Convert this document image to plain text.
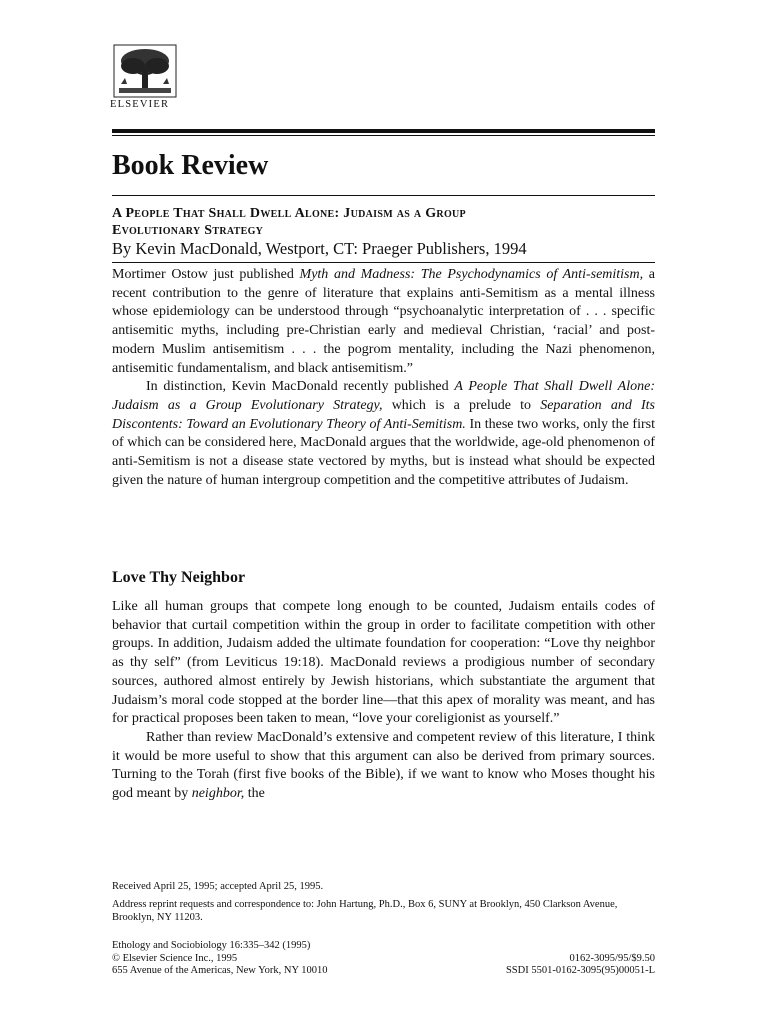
ELSEVIER
Book Review
A People That Shall Dwell Alone: Judaism as a Group
Evolutionary Strategy
By Kevin MacDonald, Westport, CT: Praeger Publishers, 1994

Mortimer Ostow just published Myth and Madness: The Psychodynamics of Anti-semitism, a recent contribution to the genre of literature that explains anti-Semitism as a mental illness whose epidemiology can be understood through “psychoanalytic interpretation of . . . specific antisemitic myths, including pre-Christian early and medieval Christian, ‘racial’ and post-modern Muslim antisemitism . . . the pogrom mentality, including the Nazi phenomenon, antisemitic fundamentalism, and black antisemitism.”

In distinction, Kevin MacDonald recently published A People That Shall Dwell Alone: Judaism as a Group Evolutionary Strategy, which is a prelude to Separation and Its Discontents: Toward an Evolutionary Theory of Anti-Semitism. In these two works, only the first of which can be considered here, MacDonald argues that the worldwide, age-old phenomenon of anti-Semitism is not a disease state vectored by myths, but is instead what should be expected given the nature of human intergroup competition and the competitive attributes of Judaism.

Love Thy Neighbor

Like all human groups that compete long enough to be counted, Judaism entails codes of behavior that curtail competition within the group in order to facilitate competition with other groups. In addition, Judaism added the ultimate foundation for cooperation: “Love thy neighbor as thy self” (from Leviticus 19:18). MacDonald reviews a prodigious number of secondary sources, authored almost entirely by Jewish historians, which substantiate the argument that Judaism’s moral code stopped at the border line—that this apex of morality was meant, and has for practical proposes been taken to mean, “love your coreligionist as yourself.”

Rather than review MacDonald’s extensive and competent review of this literature, I think it would be more useful to show that this argument can also be derived from primary sources. Turning to the Torah (first five books of the Bible), if we want to know who Moses thought his god meant by neighbor, the

Received April 25, 1995; accepted April 25, 1995.

Address reprint requests and correspondence to: John Hartung, Ph.D., Box 6, SUNY at Brooklyn, 450 Clarkson Avenue, Brooklyn, NY 11203.

Ethology and Sociobiology 16:335–342 (1995)
© Elsevier Science Inc., 1995	0162-3095/95/$9.50
655 Avenue of the Americas, New York, NY 10010	SSDI 5501-0162-3095(95)00051-L
